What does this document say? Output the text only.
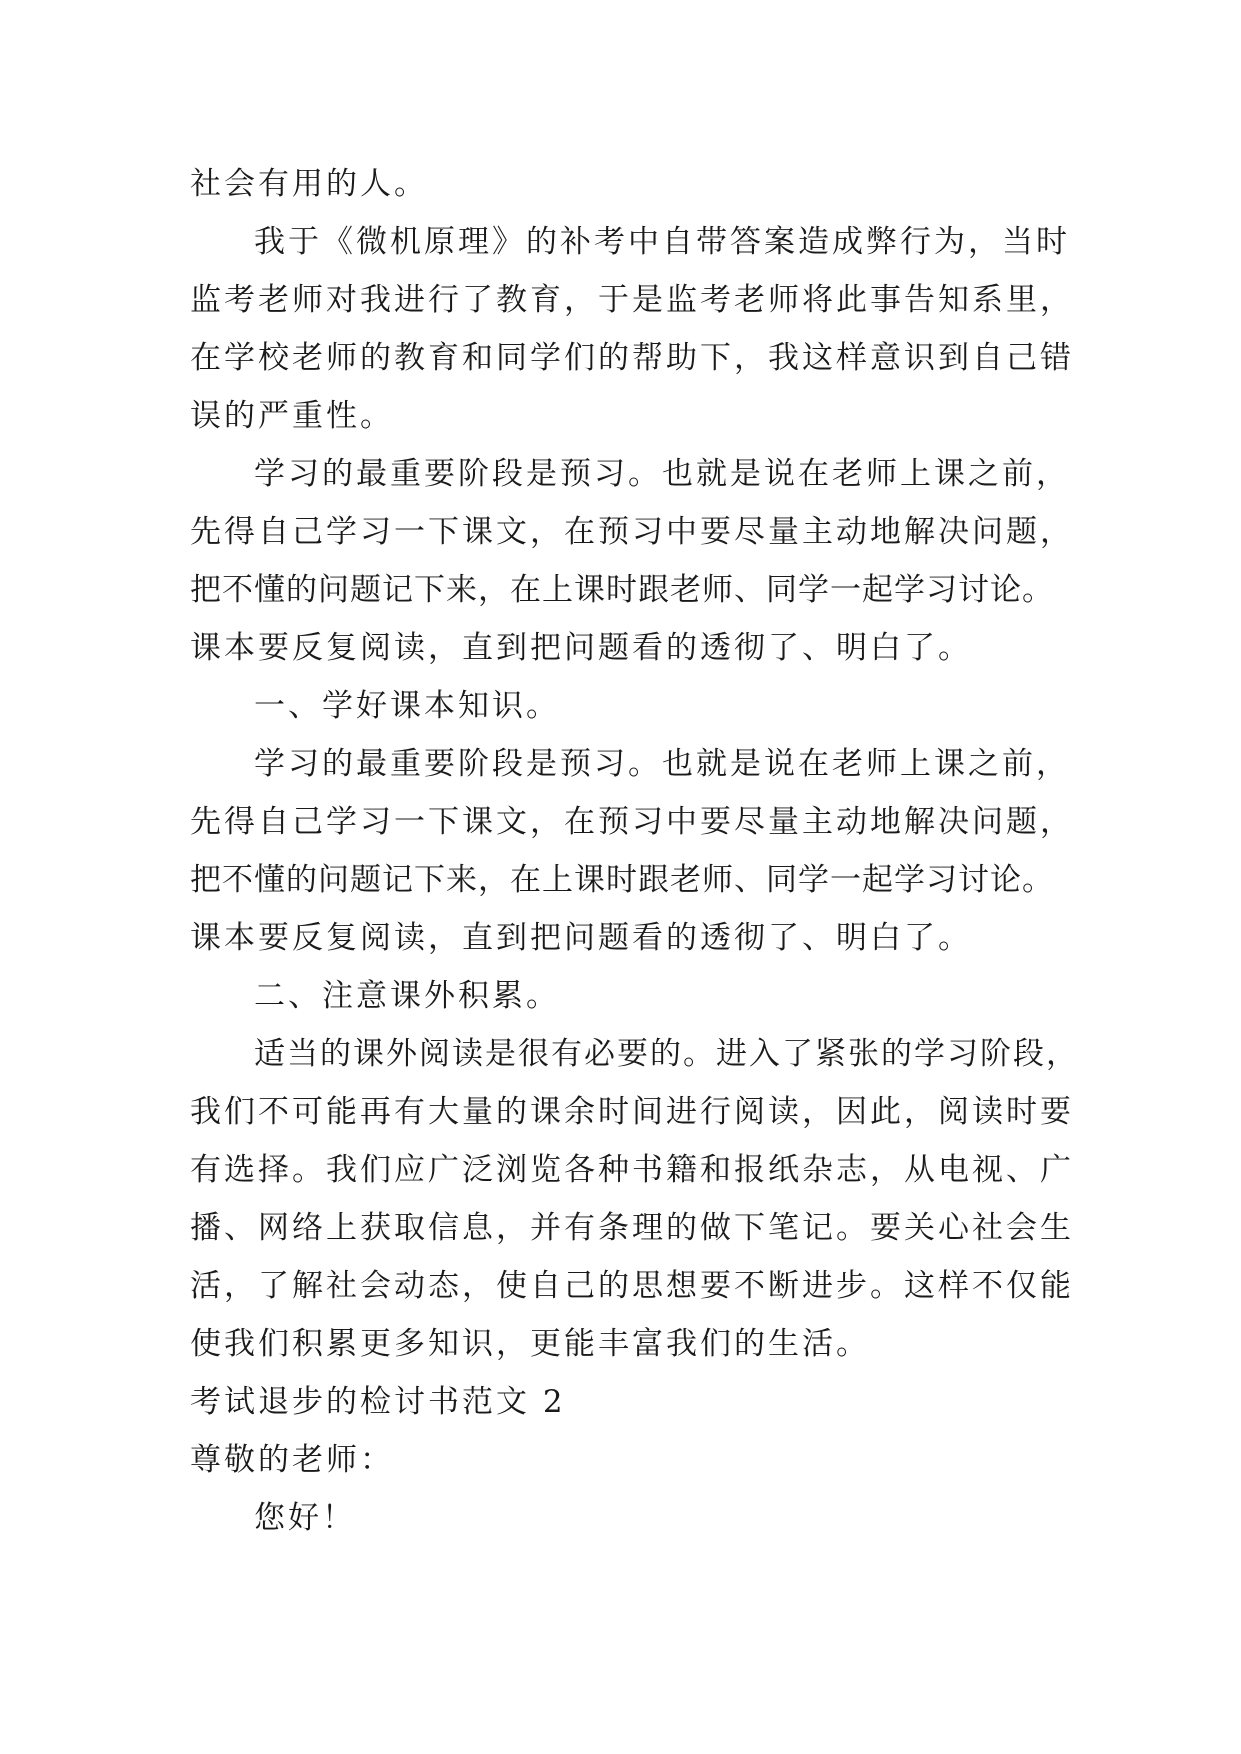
社会有用的人。

我于《微机原理》的补考中自带答案造成弊行为，当时
监考老师对我进行了教育，于是监考老师将此事告知系里，
在学校老师的教育和同学们的帮助下，我这样意识到自己错
误的严重性。

学习的最重要阶段是预习。也就是说在老师上课之前，
先得自己学习一下课文，在预习中要尽量主动地解决问题，
把不懂的问题记下来，在上课时跟老师、同学一起学习讨论。
课本要反复阅读，直到把问题看的透彻了、明白了。

一、学好课本知识。

学习的最重要阶段是预习。也就是说在老师上课之前，
先得自己学习一下课文，在预习中要尽量主动地解决问题，
把不懂的问题记下来，在上课时跟老师、同学一起学习讨论。
课本要反复阅读，直到把问题看的透彻了、明白了。

二、注意课外积累。

适当的课外阅读是很有必要的。进入了紧张的学习阶段，
我们不可能再有大量的课余时间进行阅读，因此，阅读时要
有选择。我们应广泛浏览各种书籍和报纸杂志，从电视、广
播、网络上获取信息，并有条理的做下笔记。要关心社会生
活，了解社会动态，使自己的思想要不断进步。这样不仅能
使我们积累更多知识，更能丰富我们的生活。

考试退步的检讨书范文 2

尊敬的老师：

您好！
